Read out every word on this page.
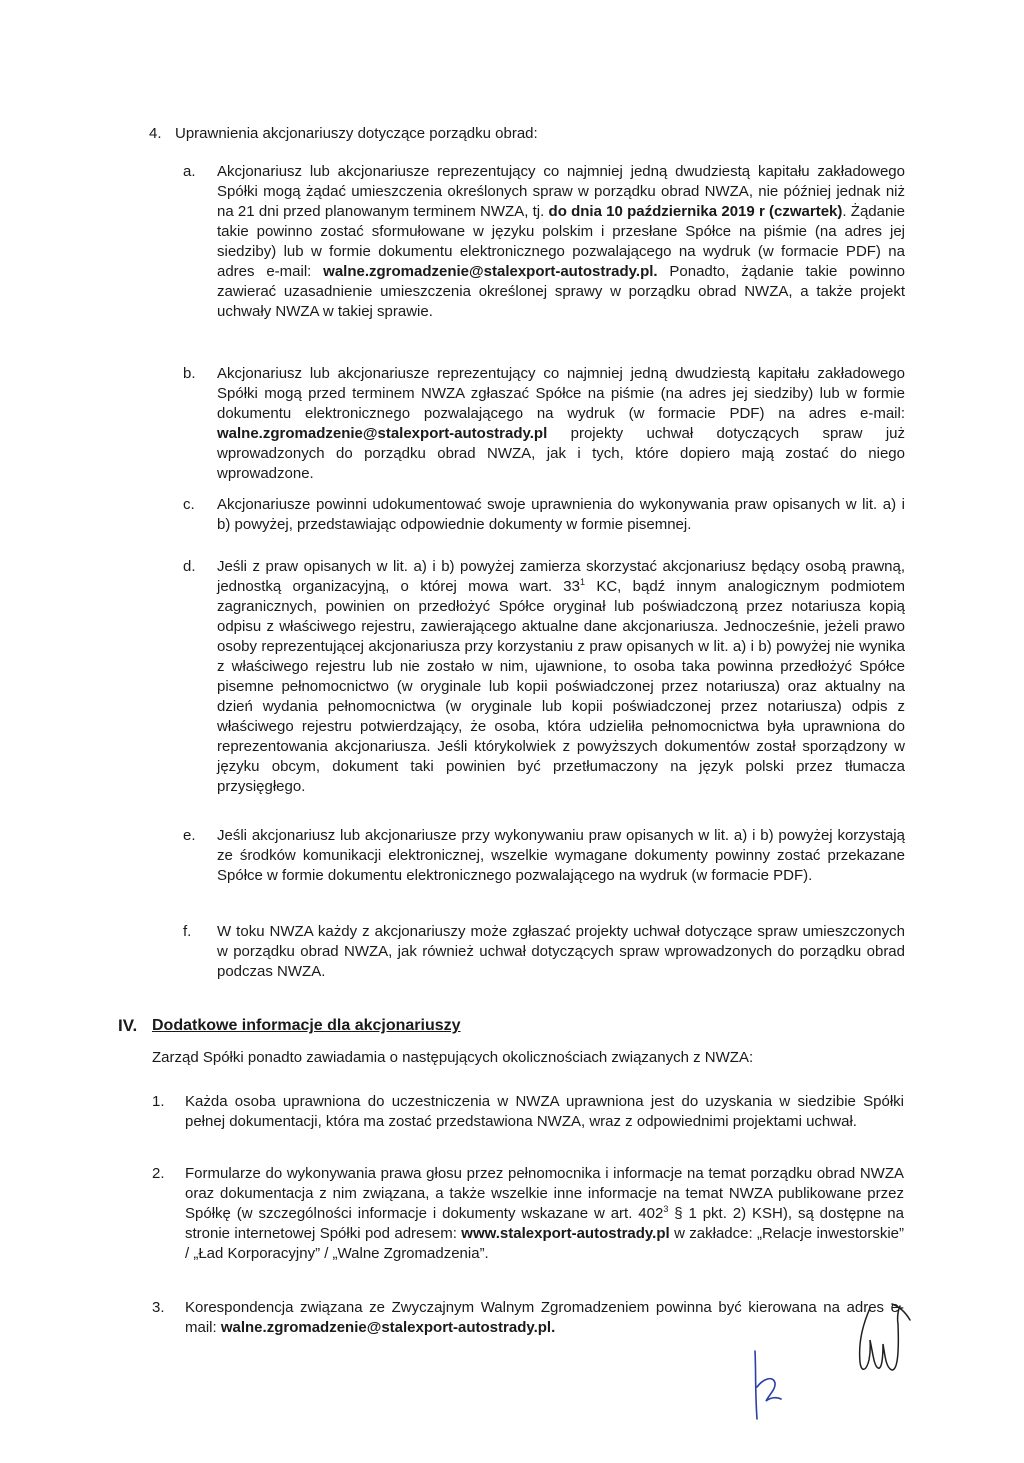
4. Uprawnienia akcjonariuszy dotyczące porządku obrad:
a. Akcjonariusz lub akcjonariusze reprezentujący co najmniej jedną dwudziestą kapitału zakładowego Spółki mogą żądać umieszczenia określonych spraw w porządku obrad NWZA, nie później jednak niż na 21 dni przed planowanym terminem NWZA, tj. do dnia 10 października 2019 r (czwartek). Żądanie takie powinno zostać sformułowane w języku polskim i przesłane Spółce na piśmie (na adres jej siedziby) lub w formie dokumentu elektronicznego pozwalającego na wydruk (w formacie PDF) na adres e-mail: walne.zgromadzenie@stalexport-autostrady.pl. Ponadto, żądanie takie powinno zawierać uzasadnienie umieszczenia określonej sprawy w porządku obrad NWZA, a także projekt uchwały NWZA w takiej sprawie.

b. Akcjonariusz lub akcjonariusze reprezentujący co najmniej jedną dwudziestą kapitału zakładowego Spółki mogą przed terminem NWZA zgłaszać Spółce na piśmie (na adres jej siedziby) lub w formie dokumentu elektronicznego pozwalającego na wydruk (w formacie PDF) na adres e-mail: walne.zgromadzenie@stalexport-autostrady.pl projekty uchwał dotyczących spraw już wprowadzonych do porządku obrad NWZA, jak i tych, które dopiero mają zostać do niego wprowadzone.

c. Akcjonariusze powinni udokumentować swoje uprawnienia do wykonywania praw opisanych w lit. a) i b) powyżej, przedstawiając odpowiednie dokumenty w formie pisemnej.

d. Jeśli z praw opisanych w lit. a) i b) powyżej zamierza skorzystać akcjonariusz będący osobą prawną, jednostką organizacyjną, o której mowa wart. $33^1$ KC, bądź innym analogicznym podmiotem zagranicznych, powinien on przedłożyć Spółce oryginał lub poświadczoną przez notariusza kopią odpisu z właściwego rejestru, zawierającego aktualne dane akcjonariusza. Jednocześnie, jeżeli prawo osoby reprezentującej akcjonariusza przy korzystaniu z praw opisanych w lit. a) i b) powyżej nie wynika z właściwego rejestru lub nie zostało w nim, ujawnione, to osoba taka powinna przedłożyć Spółce pisemne pełnomocnictwo (w oryginale lub kopii poświadczonej przez notariusza) oraz aktualny na dzień wydania pełnomocnictwa (w oryginale lub kopii poświadczonej przez notariusza) odpis z właściwego rejestru potwierdzający, że osoba, która udzieliła pełnomocnictwa była uprawniona do reprezentowania akcjonariusza. Jeśli którykolwiek z powyższych dokumentów został sporządzony w języku obcym, dokument taki powinien być przetłumaczony na język polski przez tłumacza przysięgłego.

e. Jeśli akcjonariusz lub akcjonariusze przy wykonywaniu praw opisanych w lit. a) i b) powyżej korzystają ze środków komunikacji elektronicznej, wszelkie wymagane dokumenty powinny zostać przekazane Spółce w formie dokumentu elektronicznego pozwalającego na wydruk (w formacie PDF).

f. W toku NWZA każdy z akcjonariuszy może zgłaszać projekty uchwał dotyczące spraw umieszczonych w porządku obrad NWZA, jak również uchwał dotyczących spraw wprowadzonych do porządku obrad podczas NWZA.

IV. Dodatkowe informacje dla akcjonariuszy

Zarząd Spółki ponadto zawiadamia o następujących okolicznościach związanych z NWZA:

1. Każda osoba uprawniona do uczestniczenia w NWZA uprawniona jest do uzyskania w siedzibie Spółki pełnej dokumentacji, która ma zostać przedstawiona NWZA, wraz z odpowiednimi projektami uchwał.

2. Formularze do wykonywania prawa głosu przez pełnomocnika i informacje na temat porządku obrad NWZA oraz dokumentacja z nim związana, a także wszelkie inne informacje na temat NWZA publikowane przez Spółkę (w szczególności informacje i dokumenty wskazane w art. $402^3$ § 1 pkt. 2) KSH), są dostępne na stronie internetowej Spółki pod adresem: www.stalexport-autostrady.pl w zakładce: „Relacje inwestorskie” / „Ład Korporacyjny” / „Walne Zgromadzenia”.

3. Korespondencja związana ze Zwyczajnym Walnym Zgromadzeniem powinna być kierowana na adres e-mail: walne.zgromadzenie@stalexport-autostrady.pl.
